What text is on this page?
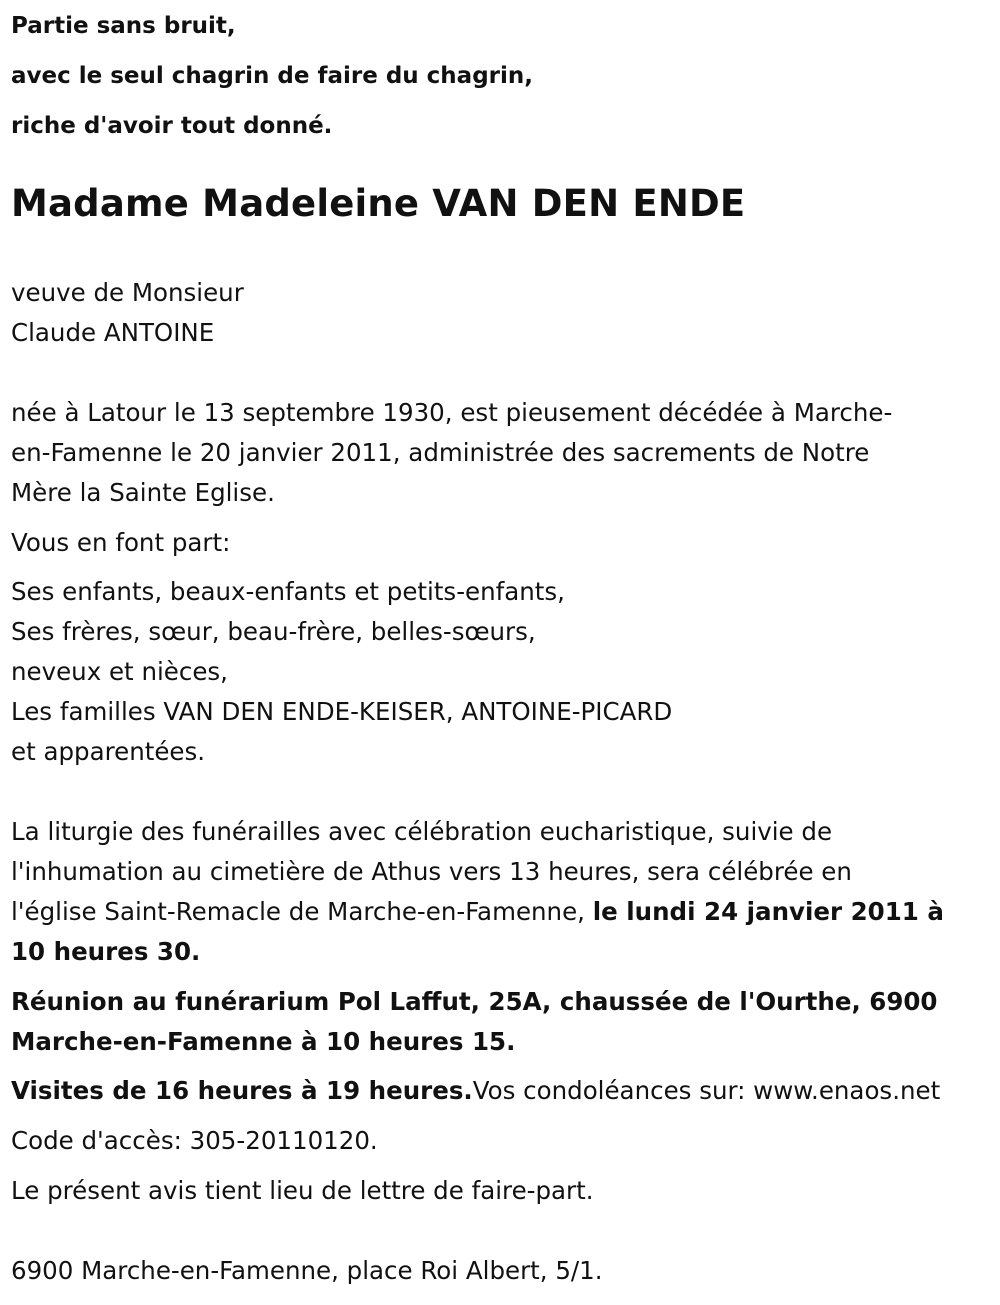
Partie sans bruit,
avec le seul chagrin de faire du chagrin,
riche d'avoir tout donné.
Madame Madeleine VAN DEN ENDE
veuve de Monsieur
Claude ANTOINE
née à Latour le 13 septembre 1930, est pieusement décédée à Marche-
en-Famenne le 20 janvier 2011, administrée des sacrements de Notre
Mère la Sainte Eglise.
Vous en font part:
Ses enfants, beaux-enfants et petits-enfants,
Ses frères, sœur, beau-frère, belles-sœurs,
neveux et nièces,
Les familles VAN DEN ENDE-KEISER, ANTOINE-PICARD
et apparentées.
La liturgie des funérailles avec célébration eucharistique, suivie de
l'inhumation au cimetière de Athus vers 13 heures, sera célébrée en
l'église Saint-Remacle de Marche-en-Famenne, le lundi 24 janvier 2011 à
10 heures 30.
Réunion au funérarium Pol Laffut, 25A, chaussée de l'Ourthe, 6900
Marche-en-Famenne à 10 heures 15.
Visites de 16 heures à 19 heures.Vos condoléances sur: www.enaos.net
Code d'accès: 305-20110120.
Le présent avis tient lieu de lettre de faire-part.
6900 Marche-en-Famenne, place Roi Albert, 5/1.
